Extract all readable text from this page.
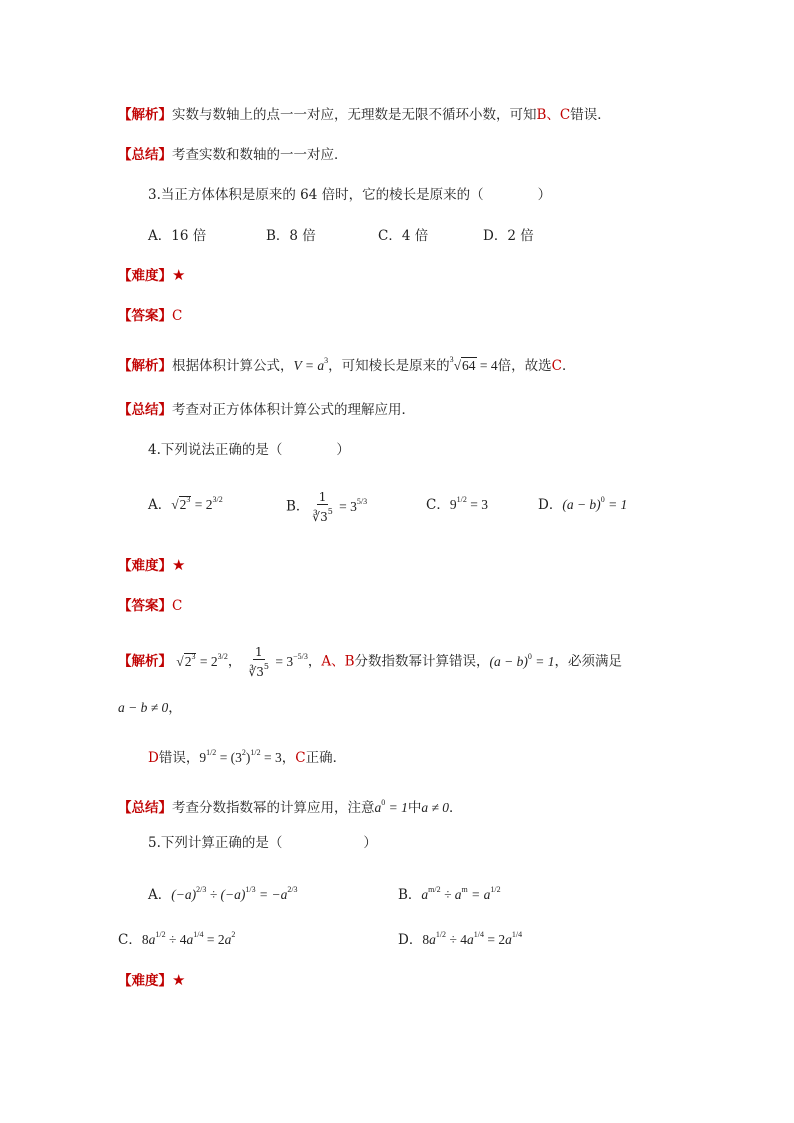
【解析】实数与数轴上的点一一对应，无理数是无限不循环小数，可知B、C错误．
【总结】考查实数和数轴的一一对应．
3.当正方体体积是原来的 64 倍时，它的棱长是原来的（　　　　）
A．16 倍	B．8 倍	C．4 倍	D．2 倍
【难度】★
【答案】C
【解析】根据体积计算公式，$V = a^3$，可知棱长是原来的$^3$√64 = 4倍，故选C．
【总结】考查对正方体体积计算公式的理解应用．
4.下列说法正确的是（　　　　）
A．$√2^3 = 2^{3/2}$	B． $\frac{1}{∛3^5} = 3^{5/3}$	C．$9^{1/2} = 3$	D．$(a - b)^0 = 1$
【难度】★
【答案】C
【解析】 $√2^3 = 2^{3/2}$， $\frac{1}{∛3^5} = 3^{-5/3}$，A、B分数指数幂计算错误，$(a - b)^0 = 1$，必须满足
a − b ≠ 0，
D错误，$9^{1/2} = (3^2)^{1/2} = 3$，C正确．
【总结】考查分数指数幂的计算应用，注意$a^0 = 1$中a ≠ 0．
5.下列计算正确的是（　　　　　　）
A．$(-a)^{2/3} \div (-a)^{1/3} = -a^{2/3}$	B．$a^{m/2} \div a^m = a^{1/2}$
C．$8a^{1/2} \div 4a^{1/4} = 2a^2$	D．$8a^{1/2} \div 4a^{1/4} = 2a^{1/4}$
【难度】★
